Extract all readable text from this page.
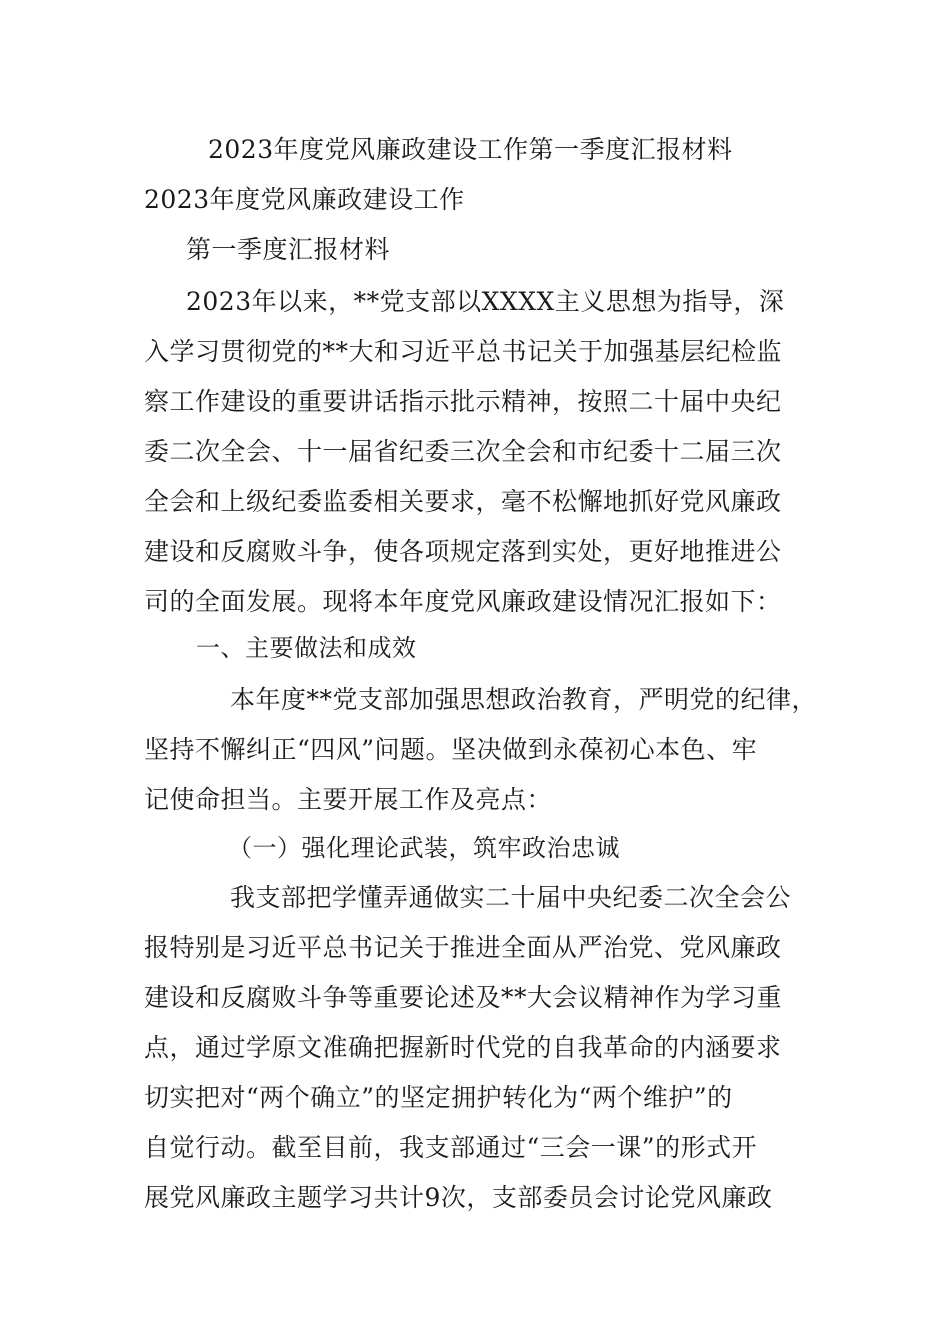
2023年度党风廉政建设工作第一季度汇报材料
2023年度党风廉政建设工作
第一季度汇报材料
2023年以来，**党支部以XXXX主义思想为指导，深
入学习贯彻党的**大和习近平总书记关于加强基层纪检监
察工作建设的重要讲话指示批示精神，按照二十届中央纪
委二次全会、十一届省纪委三次全会和市纪委十二届三次
全会和上级纪委监委相关要求，毫不松懈地抓好党风廉政
建设和反腐败斗争，使各项规定落到实处，更好地推进公
司的全面发展。现将本年度党风廉政建设情况汇报如下：
一、主要做法和成效
本年度**党支部加强思想政治教育，严明党的纪律，
坚持不懈纠正“四风”问题。坚决做到永葆初心本色、牢
记使命担当。主要开展工作及亮点：
（一）强化理论武装，筑牢政治忠诚
我支部把学懂弄通做实二十届中央纪委二次全会公
报特别是习近平总书记关于推进全面从严治党、党风廉政
建设和反腐败斗争等重要论述及**大会议精神作为学习重
点，通过学原文准确把握新时代党的自我革命的内涵要求
切实把对“两个确立”的坚定拥护转化为“两个维护”的
自觉行动。截至目前，我支部通过“三会一课”的形式开
展党风廉政主题学习共计9次，支部委员会讨论党风廉政
